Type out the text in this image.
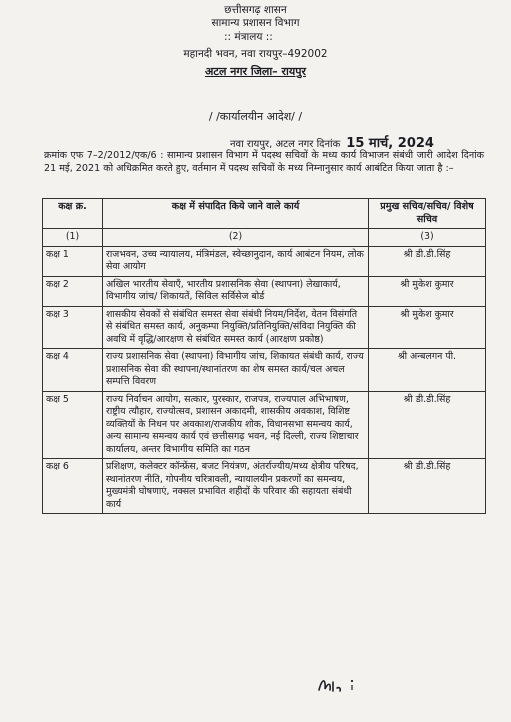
छत्तीसगढ़ शासन
सामान्य प्रशासन विभाग
:: मंत्रालय ::
महानदी भवन, नवा रायपुर–492002
अटल नगर जिला– रायपुर
/ /कार्यालयीन आदेश/ /
नवा रायपुर, अटल नगर दिनांक 15 मार्च, 2024
क्रमांक एफ 7–2/2012/एक/6 : सामान्य प्रशासन विभाग में पदस्थ सचिवों के मध्य कार्य विभाजन संबंधी जारी आदेश दिनांक 21 मई, 2021 को अधिक्रमित करते हुए, वर्तमान में पदस्थ सचिवों के मध्य निम्नानुसार कार्य आबंटित किया जाता है :–
कक्ष क्र.	कक्ष में संपादित किये जाने वाले कार्य	प्रमुख सचिव/सचिव/ विशेष सचिव
(1)	(2)	(3)
कक्ष 1	राजभवन, उच्च न्यायालय, मंत्रिमंडल, स्वेच्छानुदान, कार्य आबंटन नियम, लोक सेवा आयोग	श्री डी.डी.सिंह
कक्ष 2	अखिल भारतीय सेवाएँ, भारतीय प्रशासनिक सेवा (स्थापना) लेखाकार्य, विभागीय जांच/ शिकायतें, सिविल सर्विसेज बोर्ड	श्री मुकेश कुमार
कक्ष 3	शासकीय सेवकों से संबंधित समस्त सेवा संबंधी नियम/निर्देश, वेतन विसंगति से संबंधित समस्त कार्य, अनुकम्पा नियुक्ति/प्रतिनियुक्ति/संविदा नियुक्ति की अवधि में वृद्धि/आरक्षण से संबंधित समस्त कार्य (आरक्षण प्रकोष्ठ)	श्री मुकेश कुमार
कक्ष 4	राज्य प्रशासनिक सेवा (स्थापना) विभागीय जांच, शिकायत संबंधी कार्य, राज्य प्रशासनिक सेवा की स्थापना/स्थानांतरण का शेष समस्त कार्य/चल अचल सम्पत्ति विवरण	श्री अन्बलगन पी.
कक्ष 5	राज्य निर्वाचन आयोग, सत्कार, पुरस्कार, राजपत्र, राज्यपाल अभिभाषण, राष्ट्रीय त्यौहार, राज्योत्सव, प्रशासन अकादमी, शासकीय अवकाश, विशिष्ट व्यक्तियों के निधन पर अवकाश/राजकीय शोक, विधानसभा समन्वय कार्य, अन्य सामान्य समन्वय कार्य एवं छत्तीसगढ़ भवन, नई दिल्ली, राज्य शिष्टाचार कार्यालय, अन्तर विभागीय समिति का गठन	श्री डी.डी.सिंह
कक्ष 6	प्रशिक्षण, कलेक्टर कॉन्फ्रेंस, बजट नियंत्रण, अंतर्राज्यीय/मध्य क्षेत्रीय परिषद, स्थानांतरण नीति, गोपनीय चरित्रावली, न्यायालयीन प्रकरणों का समन्वय, मुख्यमंत्री घोषणाएं, नक्सल प्रभावित शहीदों के परिवार की सहायता संबंधी कार्य	श्री डी.डी.सिंह
